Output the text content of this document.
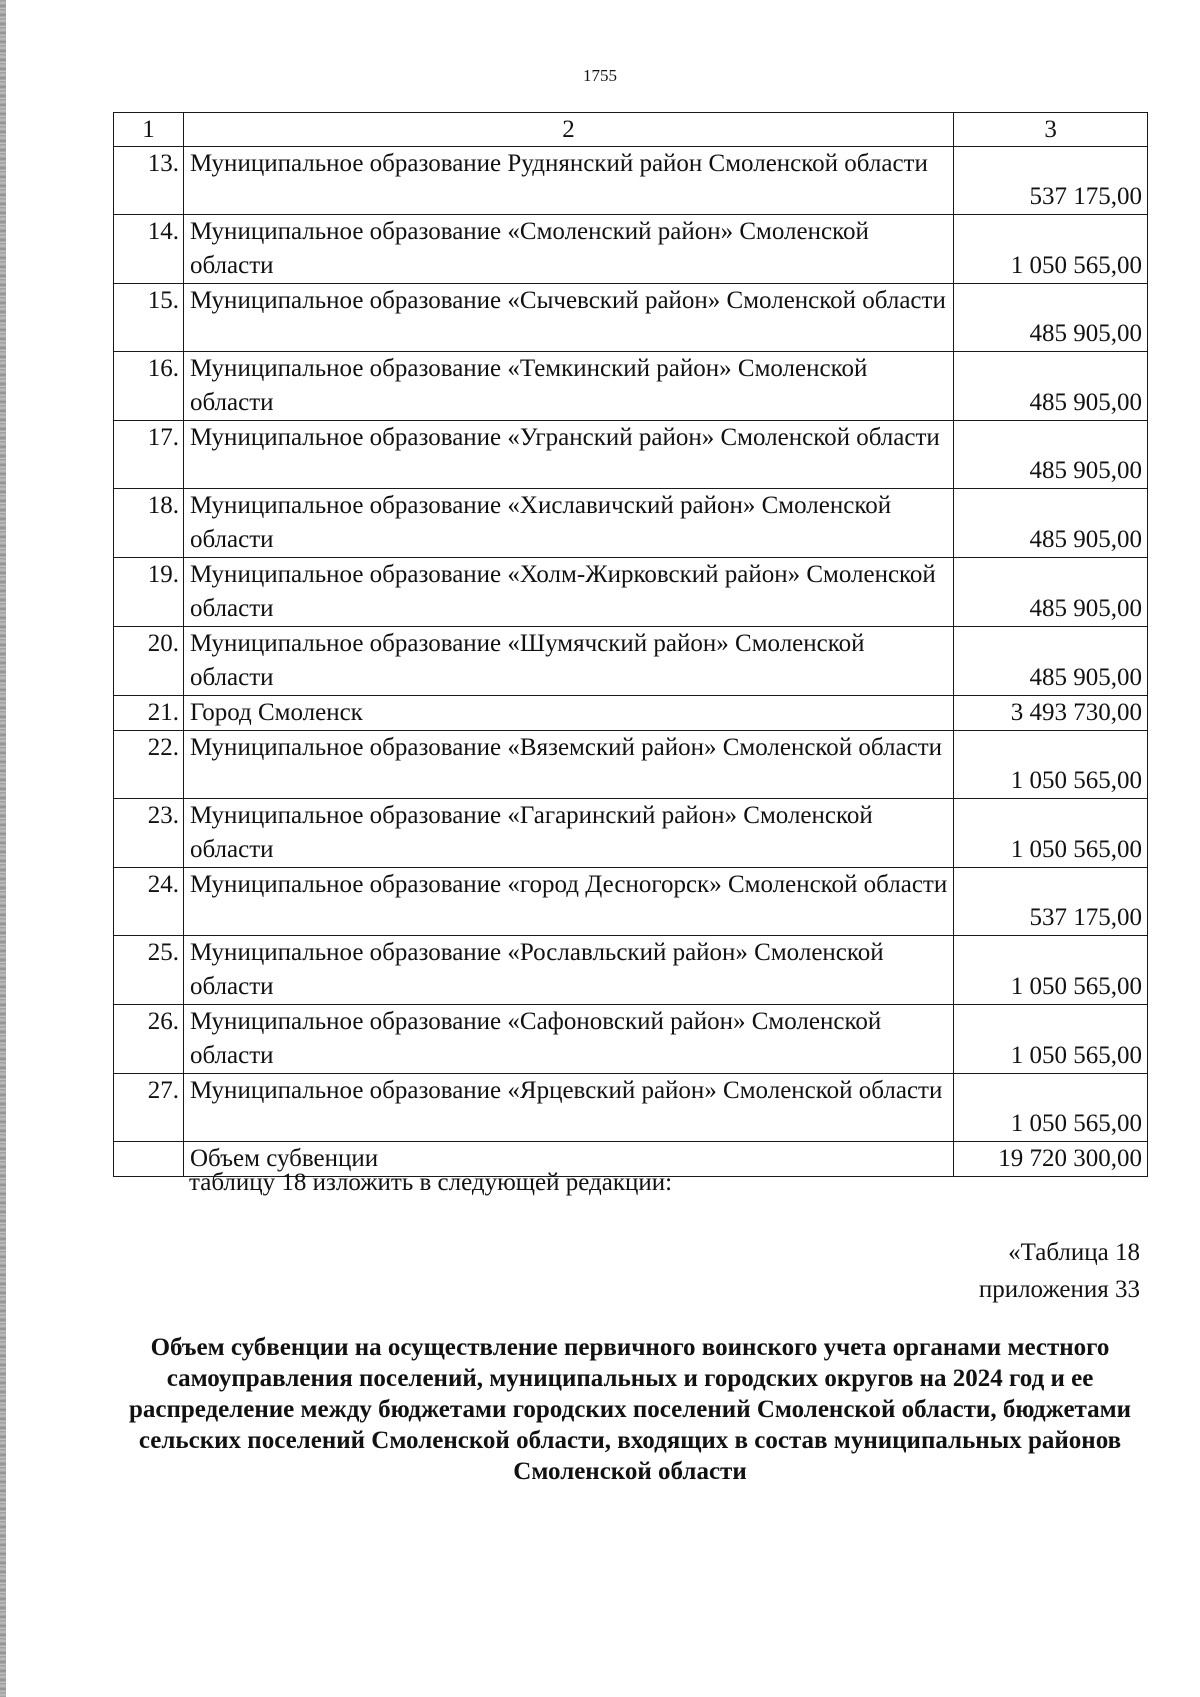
1755
1	2	3
13.	Муниципальное образование Руднянский район Смоленской области	537 175,00
14.	Муниципальное образование «Смоленский район» Смоленской области	1 050 565,00
15.	Муниципальное образование «Сычевский район» Смоленской области	485 905,00
16.	Муниципальное образование «Темкинский район» Смоленской области	485 905,00
17.	Муниципальное образование «Угранский район» Смоленской области	485 905,00
18.	Муниципальное образование «Хиславичский район» Смоленской области	485 905,00
19.	Муниципальное образование «Холм-Жирковский район» Смоленской области	485 905,00
20.	Муниципальное образование «Шумячский район» Смоленской области	485 905,00
21.	Город Смоленск	3 493 730,00
22.	Муниципальное образование «Вяземский район» Смоленской области	1 050 565,00
23.	Муниципальное образование «Гагаринский район» Смоленской области	1 050 565,00
24.	Муниципальное образование «город Десногорск» Смоленской области	537 175,00
25.	Муниципальное образование «Рославльский район» Смоленской области	1 050 565,00
26.	Муниципальное образование «Сафоновский район» Смоленской области	1 050 565,00
27.	Муниципальное образование «Ярцевский район» Смоленской области	1 050 565,00
	Объем субвенции	19 720 300,00
таблицу 18 изложить в следующей редакции:
«Таблица 18
приложения 33
Объем субвенции на осуществление первичного воинского учета органами местного самоуправления поселений, муниципальных и городских округов на 2024 год и ее распределение между бюджетами городских поселений Смоленской области, бюджетами сельских поселений Смоленской области, входящих в состав муниципальных районов Смоленской области
